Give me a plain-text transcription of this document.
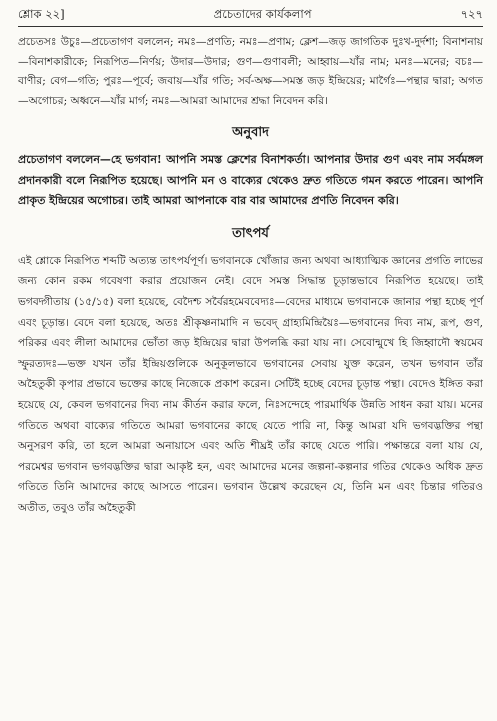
শ্লোক ২২]	প্রচেতাদের কার্যকলাপ	৭২৭

প্রচেতসঃ উচুঃ—প্রচেতাগণ বললেন; নমঃ—প্রণতি; নমঃ—প্রণাম; ক্লেশ—জড় জাগতিক দুঃখ-দুর্দশা; বিনাশনায়—বিনাশকারীকে; নিরূপিত—নির্ণয়; উদার—উদার; গুণ—গুণাবলী; আহ্বায়—যাঁর নাম; মনঃ—মনের; বচঃ—বাণীর; বেগ—গতি; পুরঃ—পূর্বে; জবায়—যাঁর গতি; সর্ব-অক্ষ—সমস্ত জড় ইন্দ্রিয়ের; মার্গৈঃ—পন্থার দ্বারা; অগত—অগোচর; অধ্বনে—যাঁর মার্গ; নমঃ—আমরা আমাদের শ্রদ্ধা নিবেদন করি।

অনুবাদ

প্রচেতাগণ বললেন—হে ভগবান! আপনি সমস্ত ক্লেশের বিনাশকর্তা। আপনার উদার গুণ এবং নাম সর্বমঙ্গল প্রদানকারী বলে নিরূপিত হয়েছে। আপনি মন ও বাক্যের থেকেও দ্রুত গতিতে গমন করতে পারেন। আপনি প্রাকৃত ইন্দ্রিয়ের অগোচর। তাই আমরা আপনাকে বার বার আমাদের প্রণতি নিবেদন করি।

তাৎপর্য

এই শ্লোকে নিরূপিত শব্দটি অত্যন্ত তাৎপর্যপূর্ণ। ভগবানকে খোঁজার জন্য অথবা আধ্যাত্মিক জ্ঞানের প্রগতি লাভের জন্য কোন রকম গবেষণা করার প্রয়োজন নেই। বেদে সমস্ত সিদ্ধান্ত চূড়ান্তভাবে নিরূপিত হয়েছে। তাই ভগবদ্গীতায় (১৫/১৫) বলা হয়েছে, বেদৈশ্চ সর্বৈরহমেববেদ্যঃ—বেদের মাধ্যমে ভগবানকে জানার পন্থা হচ্ছে পূর্ণ এবং চূড়ান্ত। বেদে বলা হয়েছে, অতঃ শ্রীকৃষ্ণনামাদি ন ভবেদ্ গ্রাহ্যমিন্দ্রিয়ৈঃ—ভগবানের দিব্য নাম, রূপ, গুণ, পরিকর এবং লীলা আমাদের ভোঁতা জড় ইন্দ্রিয়ের দ্বারা উপলব্ধি করা যায় না। সেবোন্মুখে হি জিহ্বাদৌ স্বয়মেব স্ফুরত্যদঃ—ভক্ত যখন তাঁর ইন্দ্রিয়গুলিকে অনুকূলভাবে ভগবানের সেবায় যুক্ত করেন, তখন ভগবান তাঁর অহৈতুকী কৃপার প্রভাবে ভক্তের কাছে নিজেকে প্রকাশ করেন। সেটিই হচ্ছে বেদের চূড়ান্ত পন্থা। বেদেও ইঙ্গিত করা হয়েছে যে, কেবল ভগবানের দিব্য নাম কীর্তন করার ফলে, নিঃসন্দেহে পারমার্থিক উন্নতি সাধন করা যায়। মনের গতিতে অথবা বাক্যের গতিতে আমরা ভগবানের কাছে যেতে পারি না, কিন্তু আমরা যদি ভগবদ্ভক্তির পন্থা অনুসরণ করি, তা হলে আমরা অনায়াসে এবং অতি শীঘ্রই তাঁর কাছে যেতে পারি। পক্ষান্তরে বলা যায় যে, পরমেশ্বর ভগবান ভগবদ্ভক্তির দ্বারা আকৃষ্ট হন, এবং আমাদের মনের জল্পনা-কল্পনার গতির থেকেও অধিক দ্রুত গতিতে তিনি আমাদের কাছে আসতে পারেন। ভগবান উল্লেখ করেছেন যে, তিনি মন এবং চিন্তার গতিরও অতীত, তবুও তাঁর অহৈতুকী
